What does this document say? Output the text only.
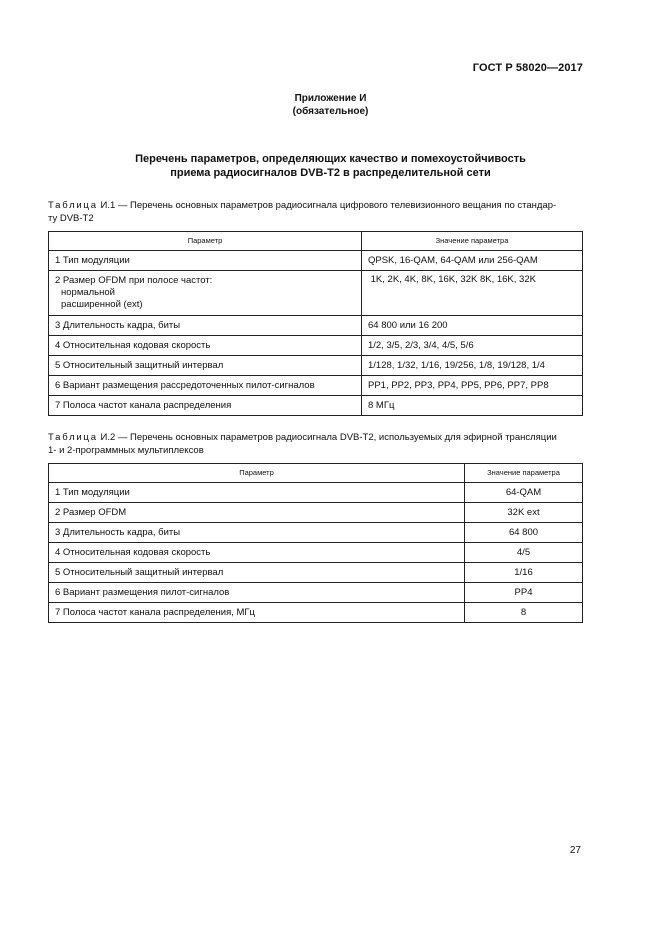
ГОСТ Р 58020—2017
Приложение И
(обязательное)
Перечень параметров, определяющих качество и помехоустойчивость
приема радиосигналов DVB-T2 в распределительной сети
Таблица И.1 — Перечень основных параметров радиосигнала цифрового телевизионного вещания по стандар-
ту DVB-T2
Параметр	Значение параметра
1 Тип модуляции	QPSK, 16-QAM, 64-QAM или 256-QAM

2 Размер OFDM при полосе частот:
нормальной
расширенной (ext)	1K, 2K, 4K, 8K, 16K, 32K 8K, 16K, 32K
3 Длительность кадра, биты	64 800 или 16 200
4 Относительная кодовая скорость	1/2, 3/5, 2/3, 3/4, 4/5, 5/6
5 Относительный защитный интервал	1/128, 1/32, 1/16, 19/256, 1/8, 19/128, 1/4
6 Вариант размещения рассредоточенных пилот-сигналов	PP1, PP2, PP3, PP4, PP5, PP6, PP7, PP8
7 Полоса частот канала распределения	8 МГц
Таблица И.2 — Перечень основных параметров радиосигнала DVB-T2, используемых для эфирной трансляции
1- и 2-программных мультиплексов
Параметр	Значение параметра
1 Тип модуляции	64-QAM
2 Размер OFDM	32K ext
3 Длительность кадра, биты	64 800
4 Относительная кодовая скорость	4/5
5 Относительный защитный интервал	1/16
6 Вариант размещения пилот-сигналов	PP4
7 Полоса частот канала распределения, МГц	8
27
